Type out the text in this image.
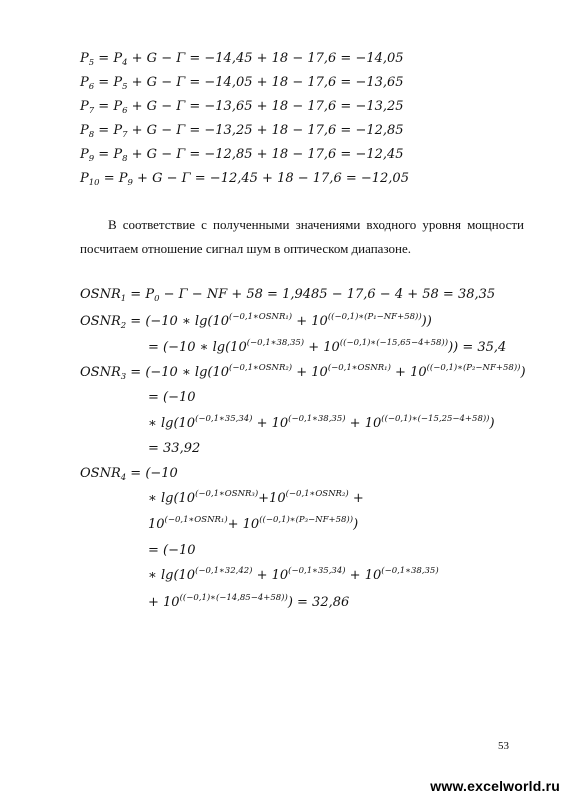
$P_5 = P_4 + G - \Gamma = -14,45 + 18 - 17,6 = -14,05$
$P_6 = P_5 + G - \Gamma = -14,05 + 18 - 17,6 = -13,65$
$P_7 = P_6 + G - \Gamma = -13,65 + 18 - 17,6 = -13,25$
$P_8 = P_7 + G - \Gamma = -13,25 + 18 - 17,6 = -12,85$
$P_9 = P_8 + G - \Gamma = -12,85 + 18 - 17,6 = -12,45$
$P_{10} = P_9 + G - \Gamma = -12,45 + 18 - 17,6 = -12,05$
В соответствие с полученными значениями входного уровня мощности посчитаем отношение сигнал шум в оптическом диапазоне.
$OSNR_1 = P_0 - \Gamma$ − NF + 58 = 1,9485 − 17,6 − 4 + 58 = 38,35
$OSNR_2 = (-10$ ∗ $\lg(10^{(-0,1∗OSNR_1)} + 10^{((-0,1)∗(P_1-NF+58))})$)
= (−10 ∗ $\lg(10^{(-0,1∗38,35)} + 10^{((-0,1)∗(-15,65-4+58))})) = 35,4$
$OSNR_3 = (-10$ ∗ $\lg(10^{(-0,1∗OSNR_2)} + 10^{(-0,1∗OSNR_1)} + 10^{((-0,1)∗(P_2-NF+58))})$
= (−10
∗ $\lg(10^{(-0,1∗35,34)} + 10^{(-0,1∗38,35)} + 10^{((-0,1)∗(-15,25-4+58))})$
= 33,92
$OSNR_4 = (-10$
∗ $\lg(10^{(-0,1∗OSNR_3)}+10^{(-0,1∗OSNR_2)}$ +
$10^{(-0,1∗OSNR_1)}+ 10^{((-0,1)∗(P_3-NF+58))}$)
= (−10
∗ $\lg(10^{(-0,1∗32,42)} + 10^{(-0,1∗35,34)} + 10^{(-0,1∗38,35)}$
+ $10^{((-0,1)∗(-14,85-4+58))}) = 32,86$
53
www.excelworld.ru
